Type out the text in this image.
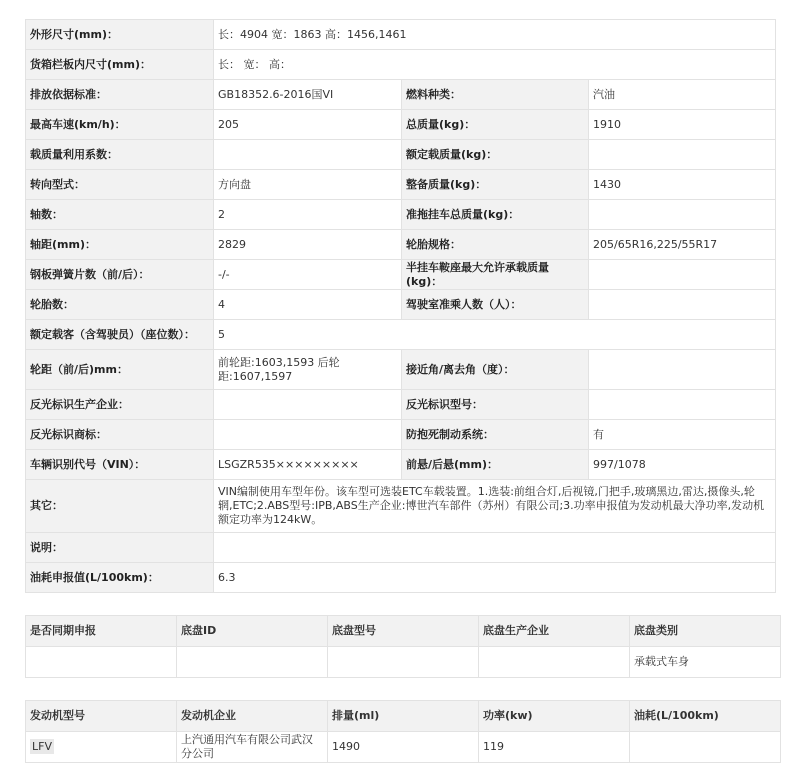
外形尺寸(mm)：	长：4904 宽：1863 高：1456,1461		
货箱栏板内尺寸(mm)：	长： 宽： 高：		
排放依据标准：	GB18352.6-2016国VI	燃料种类：	汽油
最高车速(km/h)：	205	总质量(kg)：	1910
载质量利用系数：		额定载质量(kg)：	
转向型式：	方向盘	整备质量(kg)：	1430
轴数：	2	准拖挂车总质量(kg)：	
轴距(mm)：	2829	轮胎规格：	205/65R16,225/55R17
钢板弹簧片数（前/后）：	-/-	半挂车鞍座最大允许承载质量(kg)：	
轮胎数：	4	驾驶室准乘人数（人）：	
额定载客（含驾驶员）（座位数）：	5		
轮距（前/后)mm：	前轮距:1603,1593 后轮距:1607,1597	接近角/离去角（度）：	
反光标识生产企业：		反光标识型号：	
反光标识商标：		防抱死制动系统：	有
车辆识别代号（VIN）：	LSGZR535×××××××××	前悬/后悬(mm)：	997/1078
其它：	VIN编制使用车型年份。该车型可选装ETC车载装置。1.选装:前组合灯,后视镜,门把手,玻璃黑边,雷达,摄像头,轮辋,ETC;2.ABS型号:IPB,ABS生产企业:博世汽车部件（苏州）有限公司;3.功率申报值为发动机最大净功率,发动机额定功率为124kW。		
说明：			
油耗申报值(L/100km)：	6.3		
是否同期申报	底盘ID	底盘型号	底盘生产企业	底盘类别
				承载式车身
发动机型号	发动机企业	排量(ml)	功率(kw)	油耗(L/100km)
LFV	上汽通用汽车有限公司武汉分公司	1490	119	
